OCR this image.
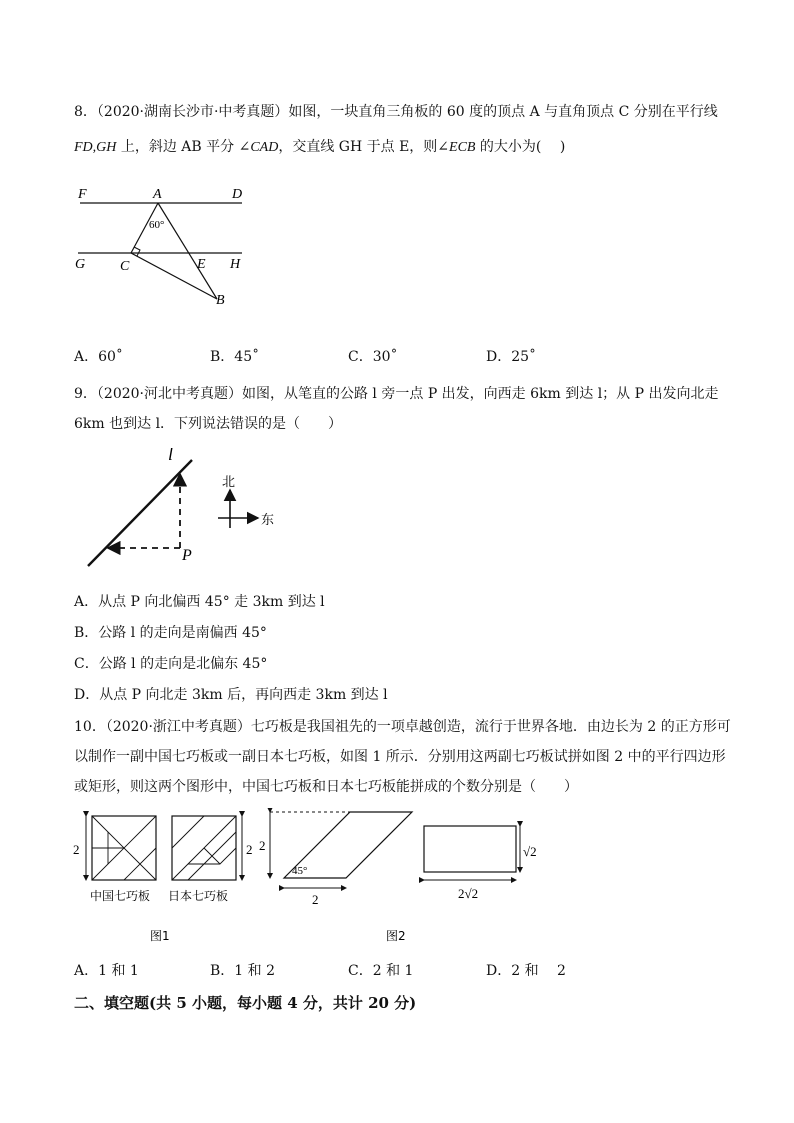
8．（2020·湖南长沙市·中考真题）如图，一块直角三角板的 60 度的顶点 A 与直角顶点 C 分别在平行线
FD,GH 上，斜边 AB 平分 ∠CAD，交直线 GH 于点 E，则∠ECB 的大小为(　 )
F	A	D
60°
G C	E H
B
A．60˚	B．45˚	C．30˚	D．25˚
9．（2020·河北中考真题）如图，从笔直的公路 l 旁一点 P 出发，向西走 6km 到达 l；从 P 出发向北走
6km 也到达 l．下列说法错误的是（　　）
l
P
北
东
A．从点 P 向北偏西 45° 走 3km 到达 l
B．公路 l 的走向是南偏西 45°
C．公路 l 的走向是北偏东 45°
D．从点 P 向北走 3km 后，再向西走 3km 到达 l
10．（2020·浙江中考真题）七巧板是我国祖先的一项卓越创造，流行于世界各地．由边长为 2 的正方形可
以制作一副中国七巧板或一副日本七巧板，如图 1 所示．分别用这两副七巧板试拼如图 2 中的平行四边形
或矩形，则这两个图形中，中国七巧板和日本七巧板能拼成的个数分别是（　　）
2
中国七巧板
2
日本七巧板
图1
2
45°
2
√2
2√2
图2
A．1 和 1	B．1 和 2	C．2 和 1	D．2 和　 2
二、填空题(共 5 小题，每小题 4 分，共计 20 分)
